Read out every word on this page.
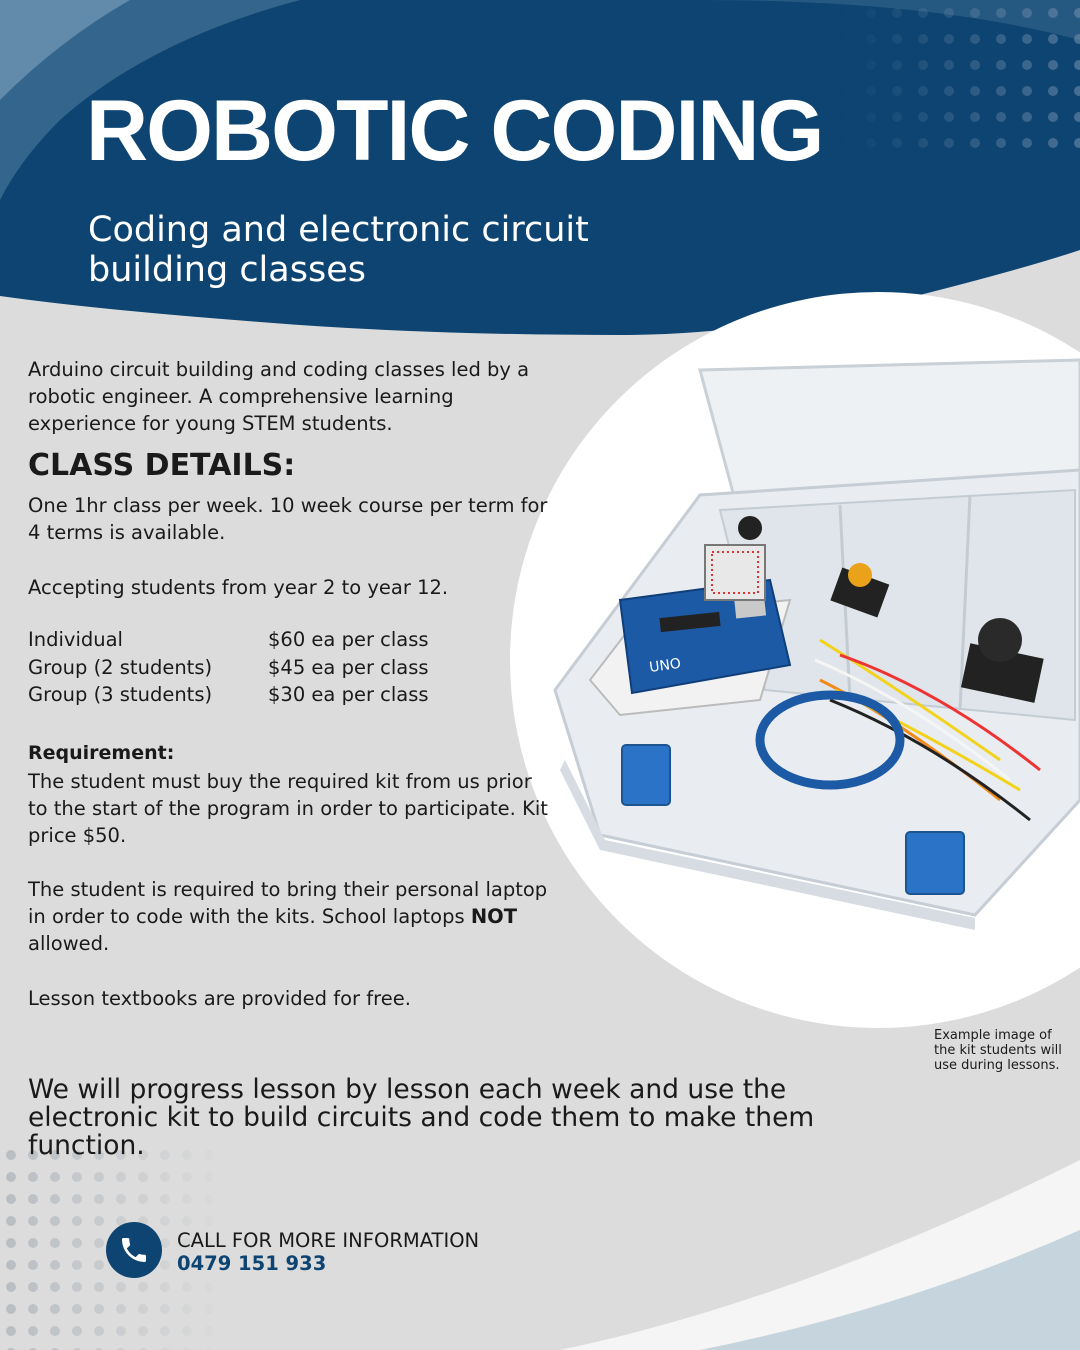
UNO
ROBOTIC CODING
Coding and electronic circuit building classes
Arduino circuit building and coding classes led by a robotic engineer. A comprehensive learning experience for young STEM students.
CLASS DETAILS:
One 1hr class per week. 10 week course per term for 4 terms is available.
Accepting students from year 2 to year 12.
Individual	$60 ea per class
Group (2 students)	$45 ea per class
Group (3 students)	$30 ea per class
Requirement:
The student must buy the required kit from us prior to the start of the program in order to participate. Kit price $50.
The student is required to bring their personal laptop in order to code with the kits. School laptops NOT allowed.
Lesson textbooks are provided for free.
Example image of the kit students will use during lessons.
We will progress lesson by lesson each week and use the electronic kit to build circuits and code them to make them function.
CALL FOR MORE INFORMATION
0479 151 933
